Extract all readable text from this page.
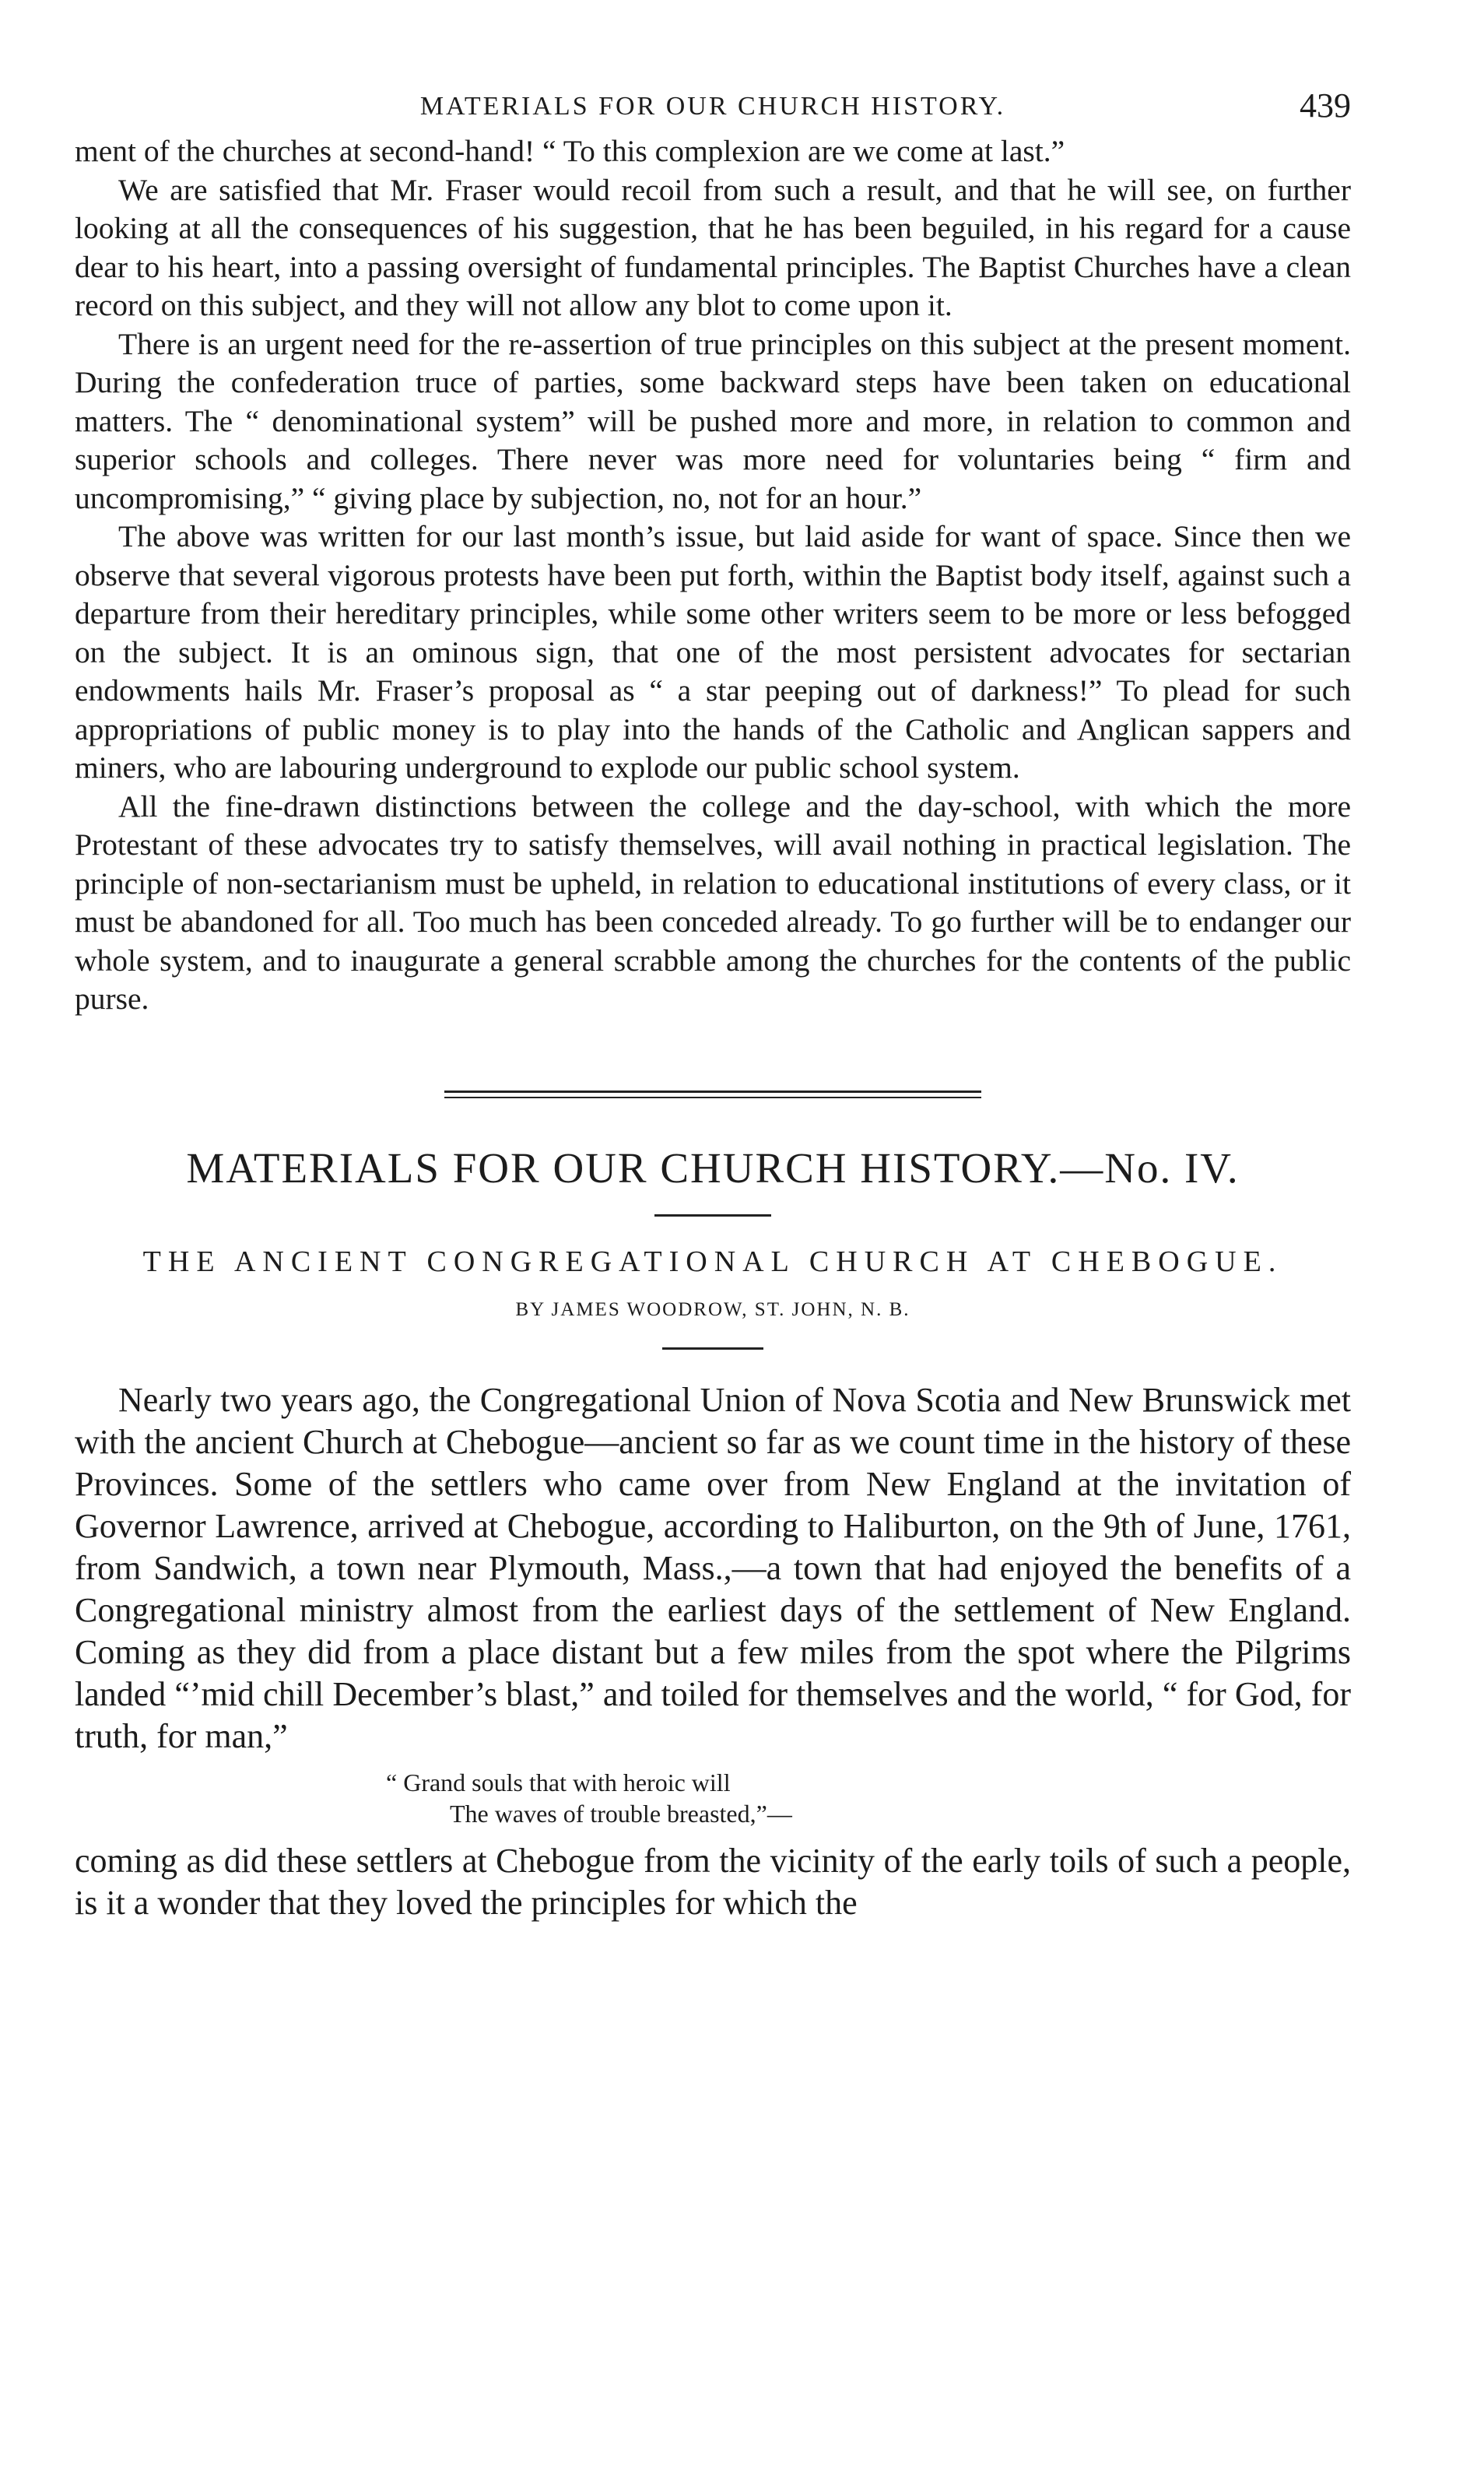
MATERIALS FOR OUR CHURCH HISTORY.	439

ment of the churches at second-hand! “ To this complexion are we come at last.”

We are satisfied that Mr. Fraser would recoil from such a result, and that he will see, on further looking at all the consequences of his suggestion, that he has been beguiled, in his regard for a cause dear to his heart, into a passing oversight of fundamental principles. The Baptist Churches have a clean record on this subject, and they will not allow any blot to come upon it.

There is an urgent need for the re-assertion of true principles on this subject at the present moment. During the confederation truce of parties, some backward steps have been taken on educational matters. The “ denominational system” will be pushed more and more, in relation to common and superior schools and colleges. There never was more need for voluntaries being “ firm and uncompromising,” “ giving place by subjection, no, not for an hour.”

The above was written for our last month’s issue, but laid aside for want of space. Since then we observe that several vigorous protests have been put forth, within the Baptist body itself, against such a departure from their hereditary principles, while some other writers seem to be more or less befogged on the subject. It is an ominous sign, that one of the most persistent advocates for sectarian endowments hails Mr. Fraser’s proposal as “ a star peeping out of darkness!” To plead for such appropriations of public money is to play into the hands of the Catholic and Anglican sappers and miners, who are labouring underground to explode our public school system.

All the fine-drawn distinctions between the college and the day-school, with which the more Protestant of these advocates try to satisfy themselves, will avail nothing in practical legislation. The principle of non-sectarianism must be upheld, in relation to educational institutions of every class, or it must be abandoned for all. Too much has been conceded already. To go further will be to endanger our whole system, and to inaugurate a general scrabble among the churches for the contents of the public purse.

MATERIALS FOR OUR CHURCH HISTORY.—No. IV.
THE ANCIENT CONGREGATIONAL CHURCH AT CHEBOGUE.
BY JAMES WOODROW, ST. JOHN, N. B.

Nearly two years ago, the Congregational Union of Nova Scotia and New Brunswick met with the ancient Church at Chebogue—ancient so far as we count time in the history of these Provinces. Some of the settlers who came over from New England at the invitation of Governor Lawrence, arrived at Chebogue, according to Haliburton, on the 9th of June, 1761, from Sandwich, a town near Plymouth, Mass.,—a town that had enjoyed the benefits of a Congregational ministry almost from the earliest days of the settlement of New England. Coming as they did from a place distant but a few miles from the spot where the Pilgrims landed “’mid chill December’s blast,” and toiled for themselves and the world, “ for God, for truth, for man,”

“ Grand souls that with heroic will
The waves of trouble breasted,”—

coming as did these settlers at Chebogue from the vicinity of the early toils of such a people, is it a wonder that they loved the principles for which the
